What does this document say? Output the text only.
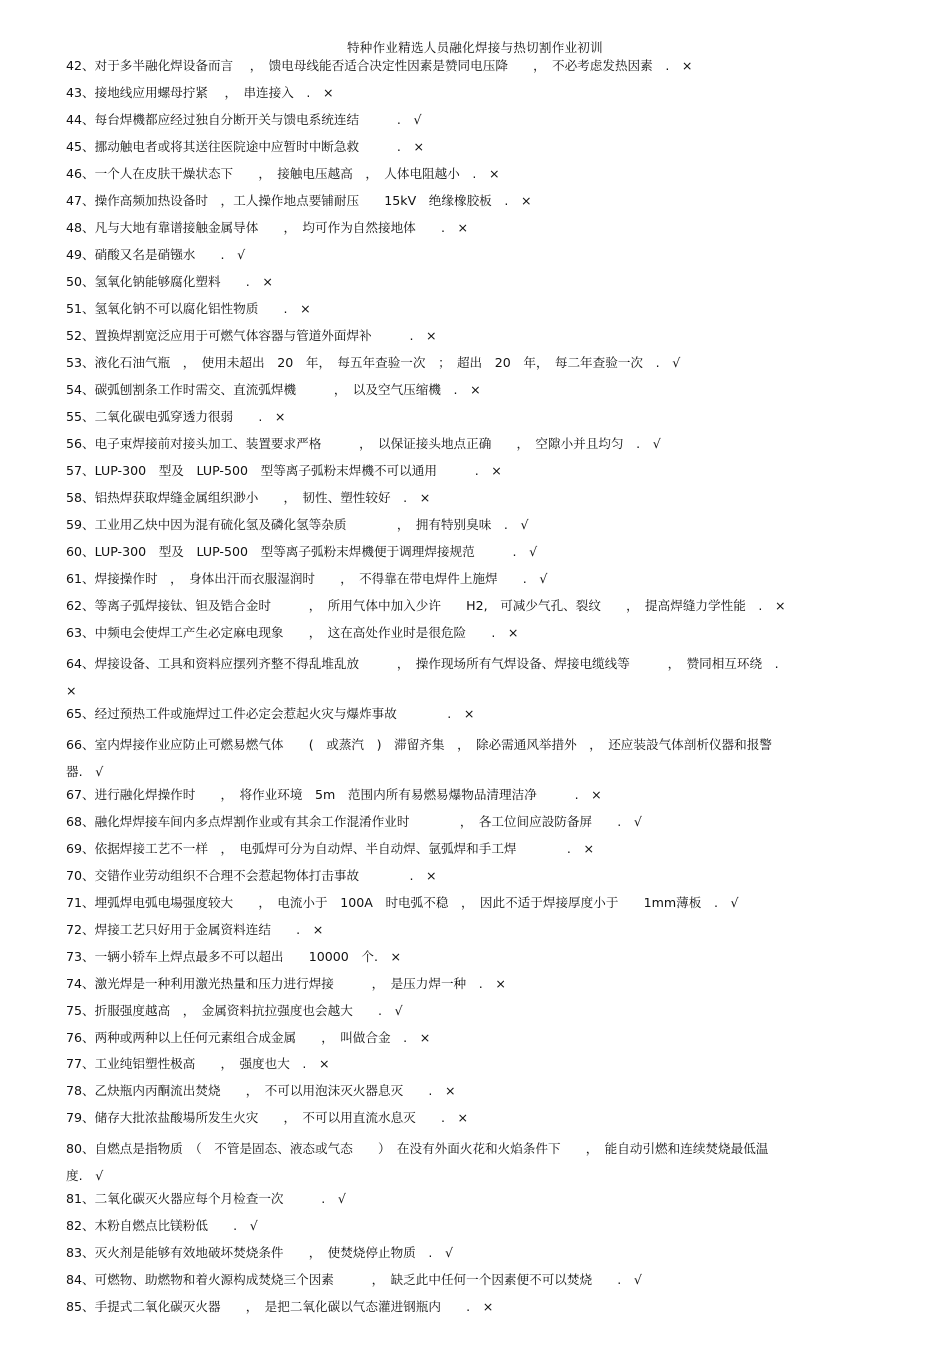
特种作业精选人员融化焊接与热切割作业初训
42、对于多半融化焊设备而言　 ，　馈电母线能否适合决定性因素是赞同电压降　　，　不必考虑发热因素　.　×
43、接地线应用螺母拧紧　 ，　串连接入　.　×
44、每台焊機都应经过独自分断开关与馈电系统连结　　　.　√
45、挪动触电者或将其送往医院途中应暂时中断急救　　　.　×
46、一个人在皮肤干燥状态下　　，　接触电压越高　，　人体电阻越小　.　×
47、操作高频加热设备时　，工人操作地点要铺耐压　　15kV　绝缘橡胶板　.　×
48、凡与大地有靠谱接触金属导体　　，　均可作为自然接地体　　.　×
49、硝酸又名是硝镪水　　.　√
50、氢氧化钠能够腐化塑料　　.　×
51、氢氧化钠不可以腐化铝性物质　　.　×
52、置换焊割宽泛应用于可燃气体容器与管道外面焊补　　　.　×
53、液化石油气瓶　，　使用未超出　20　年，　每五年查验一次　；　超出　20　年，　每二年查验一次　.　√
54、碳弧刨割条工作时需交、直流弧焊機　　　，　以及空气压缩機　.　×
55、二氧化碳电弧穿透力很弱　　.　×
56、电子束焊接前对接头加工、装置要求严格　　　，　以保证接头地点正确　　，　空隙小并且均匀　.　√
57、LUP-300　型及　LUP-500　型等离子弧粉末焊機不可以通用　　　.　×
58、铝热焊获取焊缝金属组织渺小　　，　韧性、塑性较好　.　×
59、工业用乙炔中因为混有硫化氢及磷化氢等杂质　　　　，　拥有特别臭味　.　√
60、LUP-300　型及　LUP-500　型等离子弧粉末焊機便于调理焊接规范　　　.　√
61、焊接操作时　，　身体出汗而衣服湿润时　　，　不得靠在带电焊件上施焊　　.　√
62、等离子弧焊接钛、钽及锆合金时　　　，　所用气体中加入少许　　H2,　可减少气孔、裂纹　　，　提高焊缝力学性能　.　×
63、中频电会使焊工产生必定麻电现象　　，　这在高处作业时是很危险　　.　×
64、焊接设备、工具和资料应摆列齐整不得乱堆乱放　　　，　操作现场所有气焊设备、焊接电缆线等　　　，　赞同相互环绕　.
×
65、经过预热工件或施焊过工件必定会惹起火灾与爆炸事故　　　　.　×
66、室内焊接作业应防止可燃易燃气体　　(　或蒸汽　)　滞留齐集　，　除必需通风举措外　，　还应装設气体剖析仪器和报警
器.　√
67、进行融化焊操作时　　，　将作业环境　5m　范围内所有易燃易爆物品清理洁净　　　.　×
68、融化焊焊接车间内多点焊割作业或有其余工作混淆作业时　　　　，　各工位间应設防备屏　　.　√
69、依据焊接工艺不一样　，　电弧焊可分为自动焊、半自动焊、氩弧焊和手工焊　　　　.　×
70、交错作业劳动组织不合理不会惹起物体打击事故　　　　.　×
71、埋弧焊电弧电場强度较大　　，　电流小于　100A　时电弧不稳　，　因此不适于焊接厚度小于　　1mm薄板　.　√
72、焊接工艺只好用于金属资料连结　　.　×
73、一辆小轿车上焊点最多不可以超出　　10000　个.　×
74、激光焊是一种利用激光热量和压力进行焊接　　　，　是压力焊一种　.　×
75、折服强度越高　，　金属资料抗拉强度也会越大　　.　√
76、两种或两种以上任何元素组合成金属　　，　叫做合金　.　×
77、工业纯铝塑性极高　　，　强度也大　.　×
78、乙炔瓶内丙酮流出焚烧　　，　不可以用泡沫灭火器息灭　　.　×
79、储存大批浓盐酸場所发生火灾　　，　不可以用直流水息灭　　.　×
80、自燃点是指物质　（　不管是固态、液态或气态　　）　在没有外面火花和火焰条件下　　，　能自动引燃和连续焚烧最低温
度.　√
81、二氧化碳灭火器应每个月检查一次　　　.　√
82、木粉自燃点比镁粉低　　.　√
83、灭火剂是能够有效地破坏焚烧条件　　，　使焚烧停止物质　.　√
84、可燃物、助燃物和着火源构成焚烧三个因素　　　，　缺乏此中任何一个因素便不可以焚烧　　.　√
85、手提式二氧化碳灭火器　　，　是把二氧化碳以气态灌进钢瓶内　　.　×
